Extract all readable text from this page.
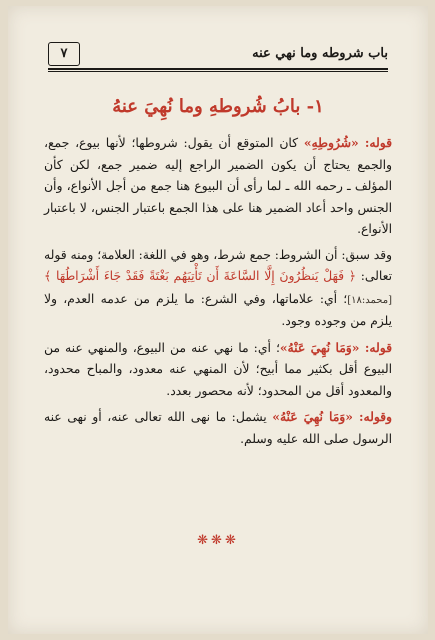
باب شروطه وما نهي عنه
٧
١- بابُ شُروطهِ وما نُهِيَ عنهُ

قوله: «شُرُوطِهِ» كان المتوقع أن يقول: شروطها؛ لأنها بيوع، جمع، والجمع يحتاج أن يكون الضمير الراجع إليه ضمير جمع، لكن كأن المؤلف ـ رحمه الله ـ لما رأى أن البيوع هنا جمع من أجل الأنواع، وأن الجنس واحد أعاد الضمير هنا على هذا الجمع باعتبار الجنس، لا باعتبار الأنواع.

وقد سبق: أن الشروط: جمع شرط، وهو في اللغة: العلامة؛ ومنه قوله تعالى: ﴿ فَهَلْ يَنظُرُونَ إِلَّا السَّاعَةَ أَن تَأْتِيَهُم بَغْتَةً فَقَدْ جَاءَ أَشْرَاطُهَا ﴾ [محمد:١٨]؛ أي: علاماتها، وفي الشرع: ما يلزم من عدمه العدم، ولا يلزم من وجوده وجود.

قوله: «وَمَا نُهِيَ عَنْهُ»؛ أي: ما نهي عنه من البيوع، والمنهي عنه من البيوع أقل بكثير مما أبيح؛ لأن المنهي عنه معدود، والمباح محدود، والمعدود أقل من المحدود؛ لأنه محصور بعدد.

وقوله: «وَمَا نُهِيَ عَنْهُ» يشمل: ما نهى الله تعالى عنه، أو نهى عنه الرسول صلى الله عليه وسلم.

❋❋❋
